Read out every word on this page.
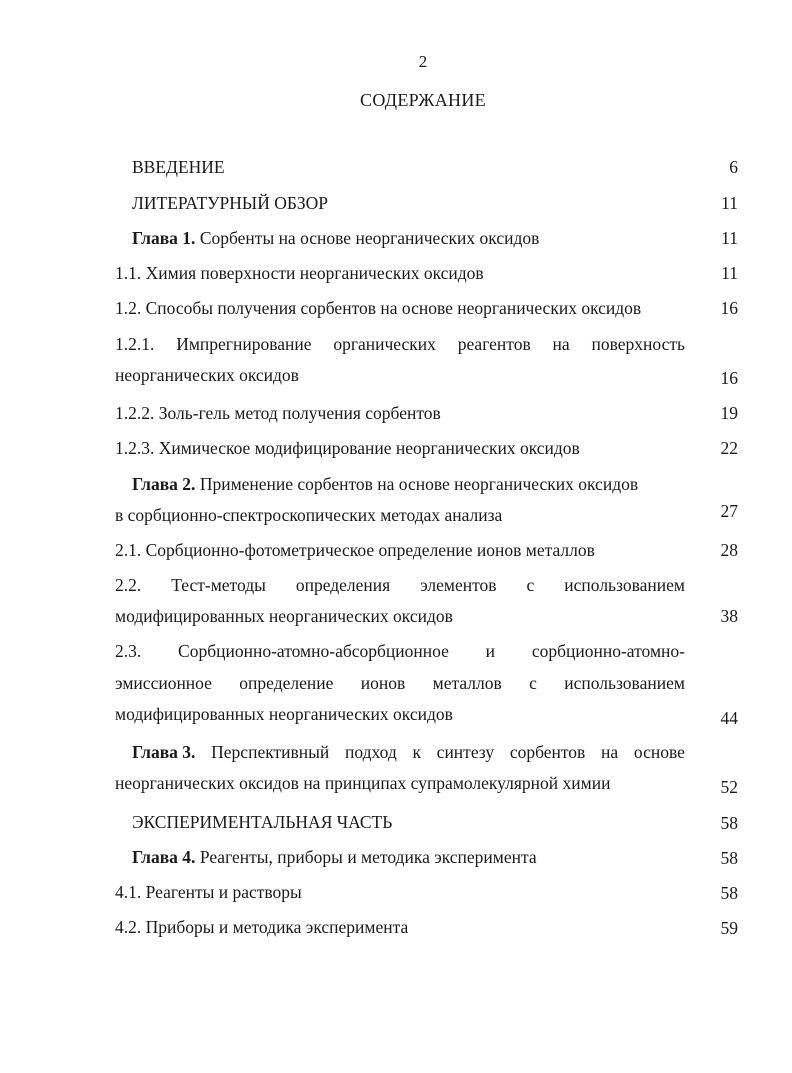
2
СОДЕРЖАНИЕ
ВВЕДЕНИЕ	6
ЛИТЕРАТУРНЫЙ ОБЗОР	11
Глава 1. Сорбенты на основе неорганических оксидов	11
1.1. Химия поверхности неорганических оксидов	11
1.2. Способы получения сорбентов на основе неорганических оксидов	16
1.2.1. Импрегнирование органических реагентов на поверхность
неорганических оксидов	16
1.2.2. Золь-гель метод получения сорбентов	19
1.2.3. Химическое модифицирование неорганических оксидов	22
Глава 2. Применение сорбентов на основе неорганических оксидов
в сорбционно-спектроскопических методах анализа	27
2.1. Сорбционно-фотометрическое определение ионов металлов	28
2.2. Тест-методы определения элементов с использованием
модифицированных неорганических оксидов	38
2.3. Сорбционно-атомно-абсорбционное и сорбционно-атомно-
эмиссионное определение ионов металлов с использованием
модифицированных неорганических оксидов	44
Глава 3. Перспективный подход к синтезу сорбентов на основе
неорганических оксидов на принципах супрамолекулярной химии	52
ЭКСПЕРИМЕНТАЛЬНАЯ ЧАСТЬ	58
Глава 4. Реагенты, приборы и методика эксперимента	58
4.1. Реагенты и растворы	58
4.2. Приборы и методика эксперимента	59
